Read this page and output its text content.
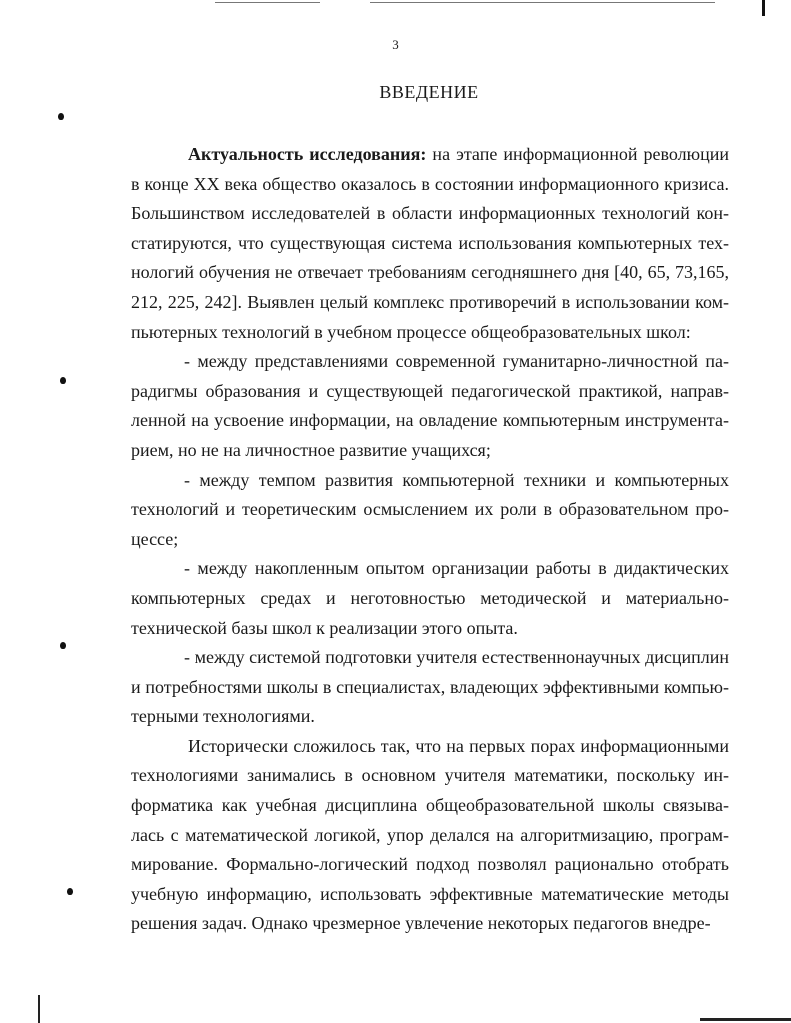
3
ВВЕДЕНИЕ

Актуальность исследования: на этапе информационной революции в конце XX века общество оказалось в состоянии информационного кризиса. Большинством исследователей в области информационных технологий констатируются, что существующая система использования компьютерных технологий обучения не отвечает требованиям сегодняшнего дня [40, 65, 73,165, 212, 225, 242]. Выявлен целый комплекс противоречий в использовании компьютерных технологий в учебном процессе общеобразовательных школ:

- между представлениями современной гуманитарно-личностной парадигмы образования и существующей педагогической практикой, направленной на усвоение информации, на овладение компьютерным инструментарием, но не на личностное развитие учащихся;

- между темпом развития компьютерной техники и компьютерных технологий и теоретическим осмыслением их роли в образовательном процессе;

- между накопленным опытом организации работы в дидактических компьютерных средах и неготовностью методической и материально-технической базы школ к реализации этого опыта.

- между системой подготовки учителя естественнонаучных дисциплин и потребностями школы в специалистах, владеющих эффективными компьютерными технологиями.

Исторически сложилось так, что на первых порах информационными технологиями занимались в основном учителя математики, поскольку информатика как учебная дисциплина общеобразовательной школы связывалась с математической логикой, упор делался на алгоритмизацию, программирование. Формально-логический подход позволял рационально отобрать учебную информацию, использовать эффективные математические методы решения задач. Однако чрезмерное увлечение некоторых педагогов внедре-
